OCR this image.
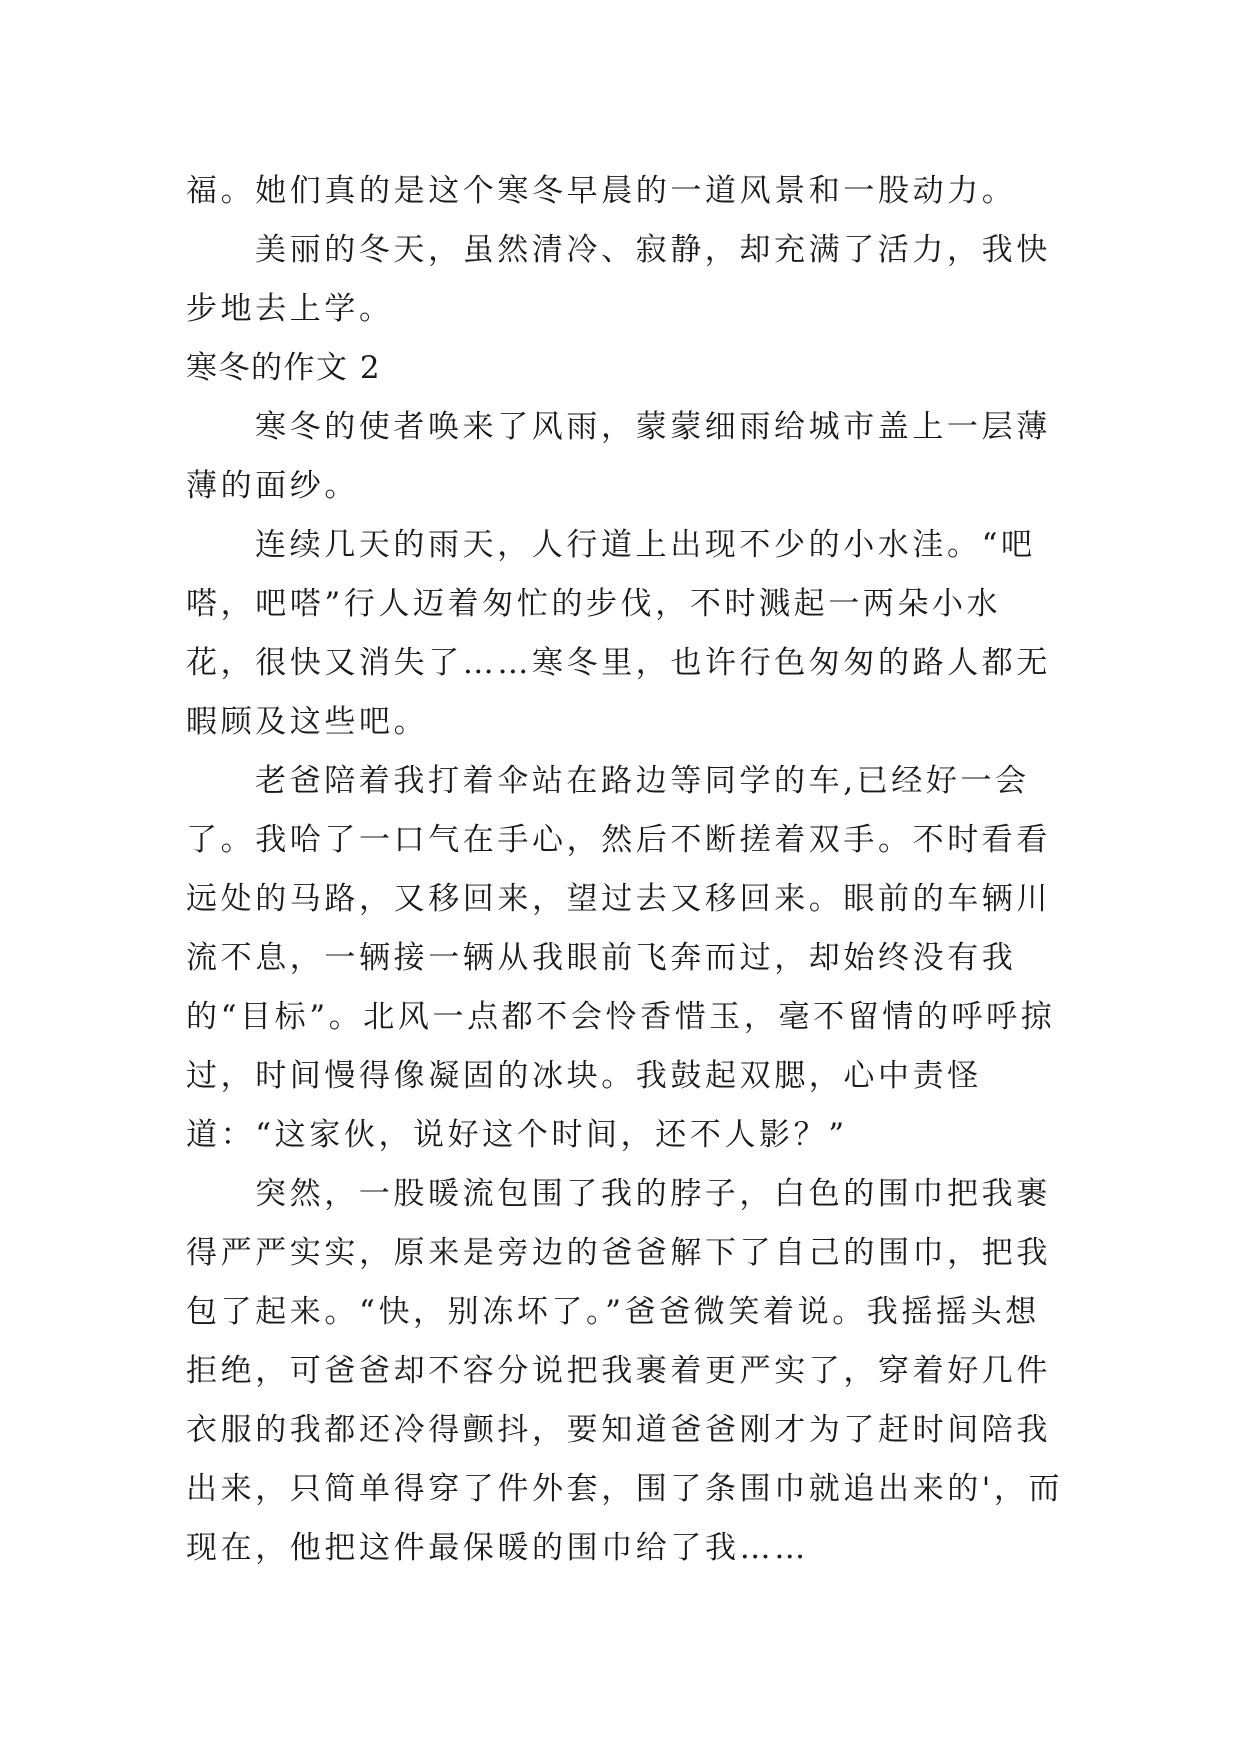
福。她们真的是这个寒冬早晨的一道风景和一股动力。

美丽的冬天，虽然清冷、寂静，却充满了活力，我快步地去上学。

寒冬的作文 2

寒冬的使者唤来了风雨，蒙蒙细雨给城市盖上一层薄薄的面纱。

连续几天的雨天，人行道上出现不少的小水洼。“吧嗒，吧嗒”行人迈着匆忙的步伐，不时溅起一两朵小水花，很快又消失了……寒冬里，也许行色匆匆的路人都无暇顾及这些吧。

老爸陪着我打着伞站在路边等同学的车,已经好一会了。我哈了一口气在手心，然后不断搓着双手。不时看看远处的马路，又移回来，望过去又移回来。眼前的车辆川流不息，一辆接一辆从我眼前飞奔而过，却始终没有我的“目标”。北风一点都不会怜香惜玉，毫不留情的呼呼掠过，时间慢得像凝固的冰块。我鼓起双腮，心中责怪道：“这家伙，说好这个时间，还不人影？”

突然，一股暖流包围了我的脖子，白色的围巾把我裹得严严实实，原来是旁边的爸爸解下了自己的围巾，把我包了起来。“快，别冻坏了。”爸爸微笑着说。我摇摇头想拒绝，可爸爸却不容分说把我裹着更严实了，穿着好几件衣服的我都还冷得颤抖，要知道爸爸刚才为了赶时间陪我出来，只简单得穿了件外套，围了条围巾就追出来的'，而现在，他把这件最保暖的围巾给了我……
